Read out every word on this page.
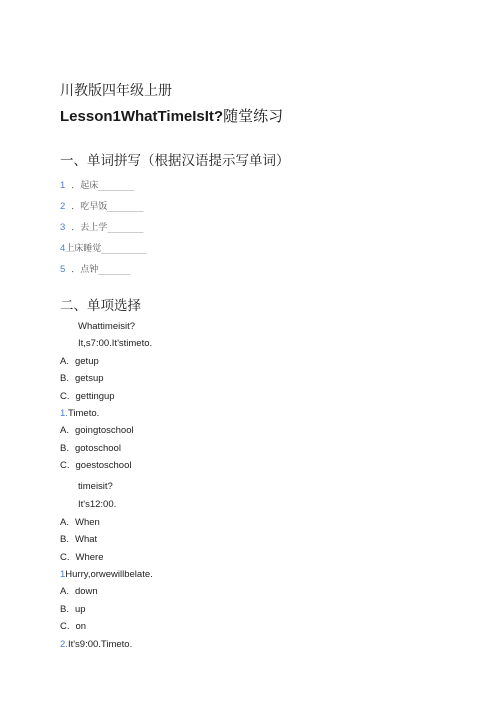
川教版四年级上册
Lesson1WhatTimeIsIt?随堂练习
一、单词拼写（根据汉语提示写单词）
1 ．起床________
2 ．吃早饭________
3 ．去上学________
4上床睡觉__________
5 ．点钟_______
二、单项选择
Whattimeisit?
It,s7:00.It'stimeto.
A. getup
B. getsup
C. gettingup
1.Timeto.
A. goingtoschool
B. gotoschool
C. goestoschool
timeisit?
It's12:00.
A. When
B. What
C. Where
1Hurry,orwewillbelate.
A. down
B. up
C. on
2.It's9:00.Timeto.
